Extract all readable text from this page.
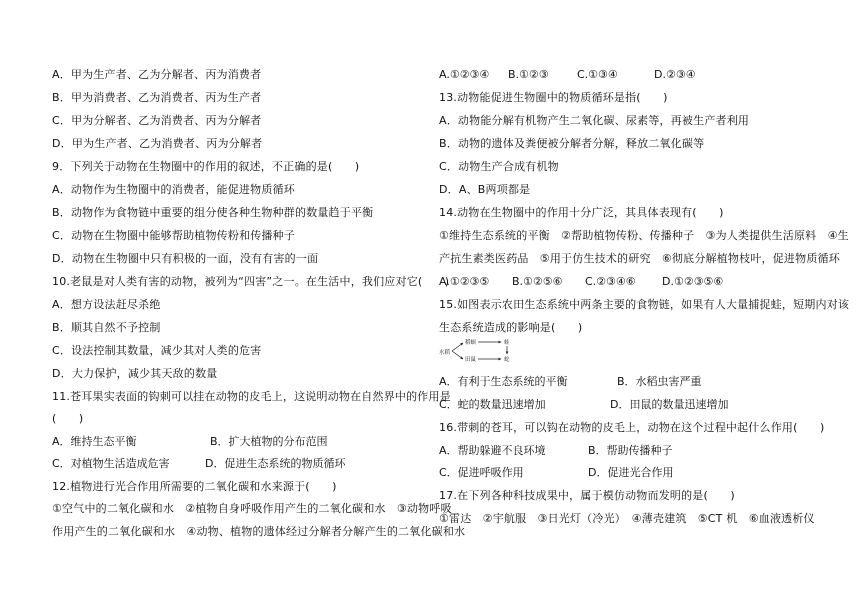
A．甲为生产者、乙为分解者、丙为消费者
B．甲为消费者、乙为消费者、丙为生产者
C．甲为分解者、乙为消费者、丙为分解者
D．甲为生产者、乙为消费者、丙为分解者
9．下列关于动物在生物圈中的作用的叙述，不正确的是(　　)
A．动物作为生物圈中的消费者，能促进物质循环
B．动物作为食物链中重要的组分使各种生物种群的数量趋于平衡
C．动物在生物圈中能够帮助植物传粉和传播种子
D．动物在生物圈中只有积极的一面，没有有害的一面
10.老鼠是对人类有害的动物，被列为“四害”之一。在生活中，我们应对它(　　)
A．想方设法赶尽杀绝
B．顺其自然不予控制
C．设法控制其数量，减少其对人类的危害
D．大力保护，减少其天敌的数量
11.苍耳果实表面的钩刺可以挂在动物的皮毛上，这说明动物在自然界中的作用是
(　　)
A．维持生态平衡	B．扩大植物的分布范围
C．对植物生活造成危害	D．促进生态系统的物质循环
12.植物进行光合作用所需要的二氧化碳和水来源于(　　)
①空气中的二氧化碳和水　②植物自身呼吸作用产生的二氧化碳和水　③动物呼吸
作用产生的二氧化碳和水　④动物、植物的遗体经过分解者分解产生的二氧化碳和水
A.①②③④ B.①②③	C.①③④	D.②③④
13.动物能促进生物圈中的物质循环是指(　　)
A．动物能分解有机物产生二氧化碳、尿素等，再被生产者利用
B．动物的遗体及粪便被分解者分解，释放二氧化碳等
C．动物生产合成有机物
D．A、B两项都是
14.动物在生物圈中的作用十分广泛，其具体表现有(　　)
①维持生态系统的平衡　②帮助植物传粉、传播种子　③为人类提供生活原料　④生
产抗生素类医药品　⑤用于仿生技术的研究　⑥彻底分解植物枝叶，促进物质循环
A.①②③⑤ B.①②⑤⑥ C.②③④⑥ D.①②③⑤⑥
15.如图表示农田生态系统中两条主要的食物链，如果有人大量捕捉蛙，短期内对该
生态系统造成的影响是(　　)
水稻
稻螟
田鼠
蛙
蛇
A．有利于生态系统的平衡	B．水稻虫害严重
C．蛇的数量迅速增加	D．田鼠的数量迅速增加
16.带刺的苍耳，可以钩在动物的皮毛上，动物在这个过程中起什么作用(　　)
A．帮助躲避不良环境	B．帮助传播种子
C．促进呼吸作用	D．促进光合作用
17.在下列各种科技成果中，属于模仿动物而发明的是(　　)
①雷达　②宇航服　③日光灯（冷光）　④薄壳建筑　⑤CT 机　⑥血液透析仪
